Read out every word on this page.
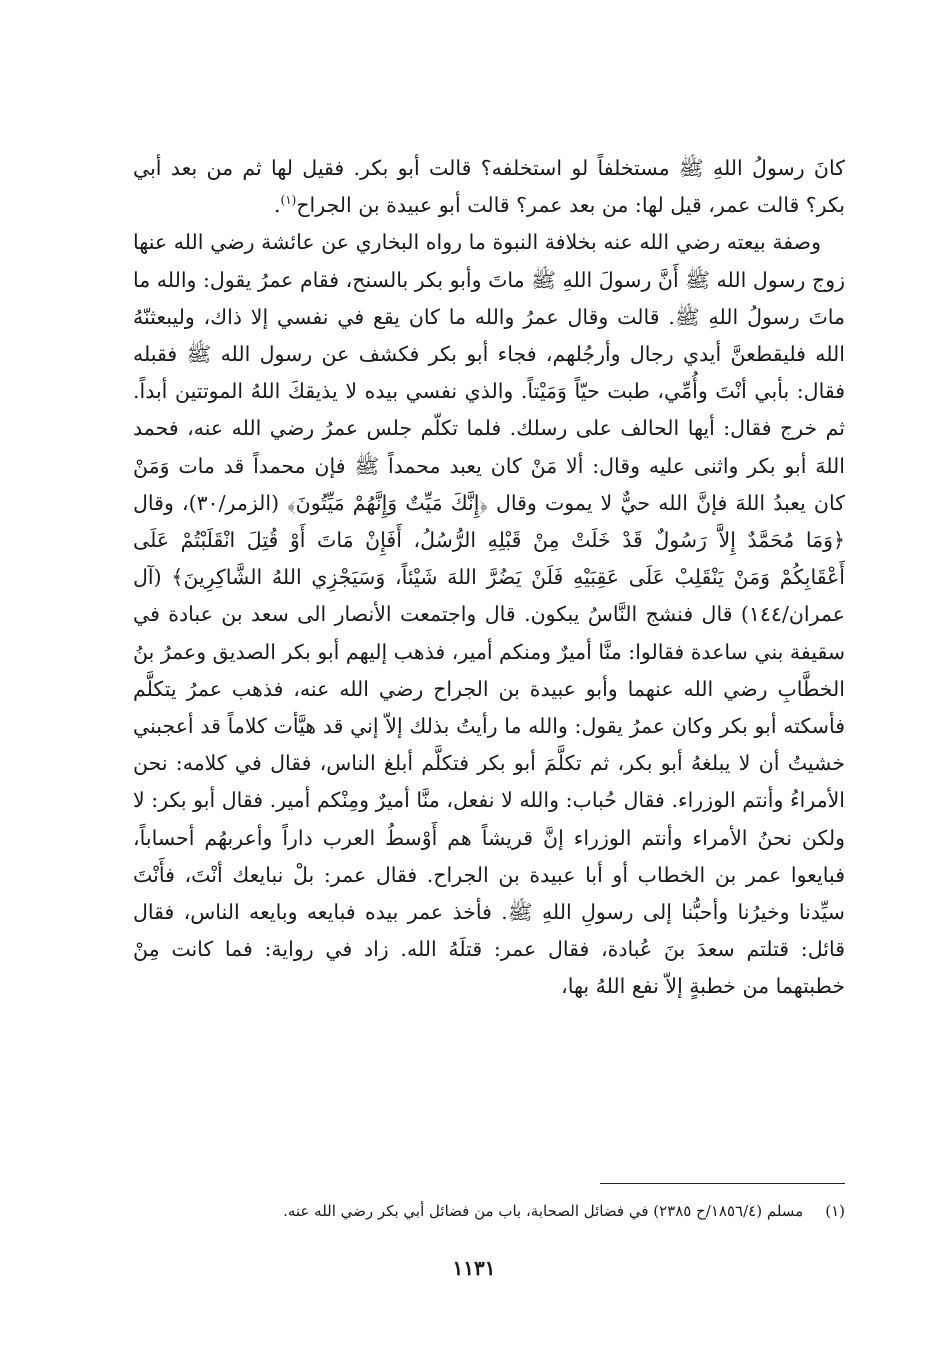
كانَ رسولُ اللهِ ﷺ مستخلفاً لو استخلفه؟ قالت أبو بكر. فقيل لها ثم من بعد أبي بكر؟ قالت عمر، قيل لها: من بعد عمر؟ قالت أبو عبيدة بن الجراح$^{(١)}$.

وصفة بيعته رضي الله عنه بخلافة النبوة ما رواه البخاري عن عائشة رضي الله عنها زوج رسول الله ﷺ أَنَّ رسولَ اللهِ ﷺ ماتَ وأبو بكر بالسنح، فقام عمرُ يقول: والله ما ماتَ رسولُ اللهِ ﷺ. قالت وقال عمرُ والله ما كان يقع في نفسي إلا ذاك، وليبعثنّهُ الله فليقطعنَّ أيدي رجال وأرجُلهم، فجاء أبو بكر فكشف عن رسول الله ﷺ فقبله فقال: بأبي أنْتَ وأُمِّي، طبت حيّاً وَمَيْتاً. والذي نفسي بيده لا يذيقكَ اللهُ الموتتين أبداً. ثم خرج فقال: أيها الحالف على رسلك. فلما تكلّم جلس عمرُ رضي الله عنه، فحمد اللهَ أبو بكر واثنى عليه وقال: ألا مَنْ كان يعبد محمداً ﷺ فإن محمداً قد مات وَمَنْ كان يعبدُ اللهَ فإنَّ الله حيٌّ لا يموت وقال ﴿إِنَّكَ مَيِّتٌ وَإِنَّهُمْ مَيِّتُونَ﴾ (الزمر/٣٠)، وقال ﴿وَمَا مُحَمَّدٌ إِلاَّ رَسُولٌ قَدْ خَلَتْ مِنْ قَبْلِهِ الرُّسُلُ، أَفَإِنْ مَاتَ أَوْ قُتِلَ انْقَلَبْتُمْ عَلَى أَعْقَابِكُمْ وَمَنْ يَنْقَلِبْ عَلَى عَقِبَيْهِ فَلَنْ يَضُرَّ اللهَ شَيْئاً، وَسَيَجْزِي اللهُ الشَّاكِرِينَ﴾ (آل عمران/١٤٤) قال فنشج النَّاسُ يبكون. قال واجتمعت الأنصار الى سعد بن عبادة في سقيفة بني ساعدة فقالوا: منَّا أميرٌ ومنكم أمير، فذهب إليهم أبو بكر الصديق وعمرُ بنُ الخطَّابِ رضي الله عنهما وأبو عبيدة بن الجراح رضي الله عنه، فذهب عمرُ يتكلَّم فأسكته أبو بكر وكان عمرُ يقول: والله ما رأيتُ بذلك إلاّ إني قد هيَّأت كلاماً قد أعجبني خشيتُ أن لا يبلغهُ أبو بكر، ثم تكلَّمَ أبو بكر فتكلَّم أبلغ الناس، فقال في كلامه: نحن الأمراءُ وأنتم الوزراء. فقال حُباب: والله لا نفعل، منَّا أميرٌ ومِنْكم أمير. فقال أبو بكر: لا ولكن نحنُ الأمراء وأنتم الوزراء إنَّ قريشاً هم أَوْسطُ العرب داراً وأعربهُم أحساباً، فبايعوا عمر بن الخطاب أو أبا عبيدة بن الجراح. فقال عمر: بلْ نبايعك أنْتَ، فأَنْتَ سيِّدنا وخيرُنا وأحبُّنا إلى رسولِ اللهِ ﷺ. فأخذ عمر بيده فبايعه وبايعه الناس، فقال قائل: قتلتم سعدَ بنَ عُبادة، فقال عمر: قتلَهُ الله. زاد في رواية: فما كانت مِنْ خطبتهما من خطبةٍ إلاّ نفع اللهُ بها،

(١)مسلم (١٨٥٦/٤/ح ٢٣٨٥) في فضائل الصحابة، باب من فضائل أبي بكر رضي الله عنه.
١١٣١
